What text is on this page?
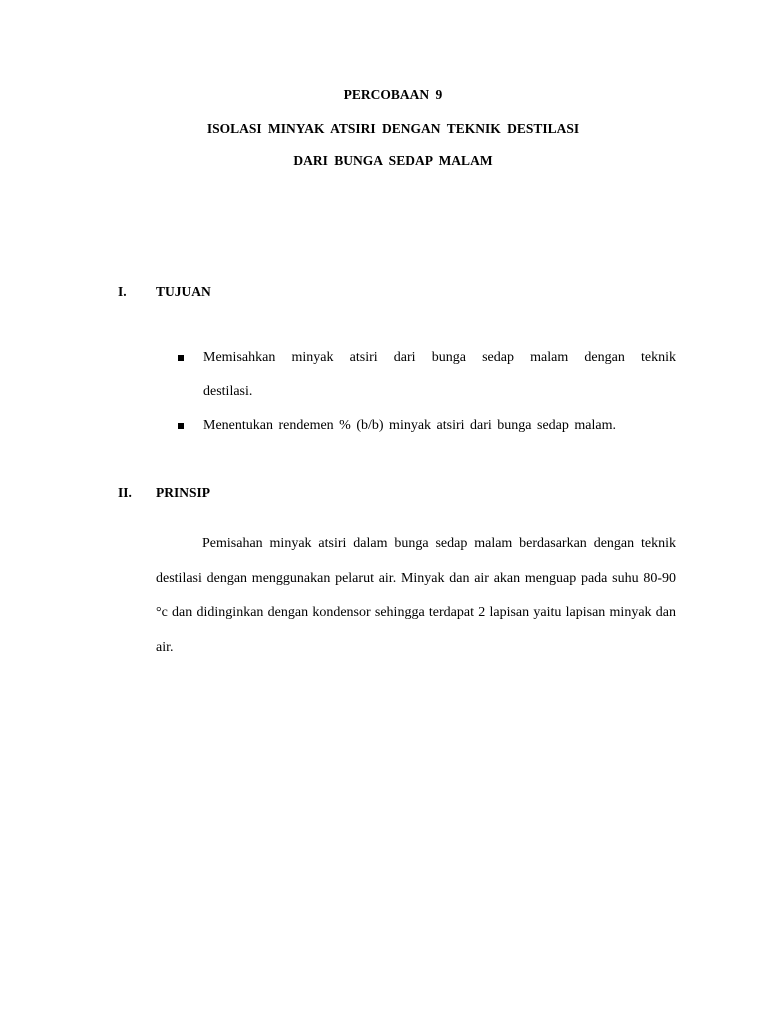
PERCOBAAN 9
ISOLASI MINYAK ATSIRI DENGAN TEKNIK DESTILASI
DARI BUNGA SEDAP MALAM
I. TUJUAN
Memisahkan minyak atsiri dari bunga sedap malam dengan teknik destilasi.
Menentukan rendemen % (b/b) minyak atsiri dari bunga sedap malam.
II. PRINSIP
Pemisahan minyak atsiri dalam bunga sedap malam berdasarkan dengan teknik destilasi dengan menggunakan pelarut air. Minyak dan air akan menguap pada suhu 80-90 °c dan didinginkan dengan kondensor sehingga terdapat 2 lapisan yaitu lapisan minyak dan air.
